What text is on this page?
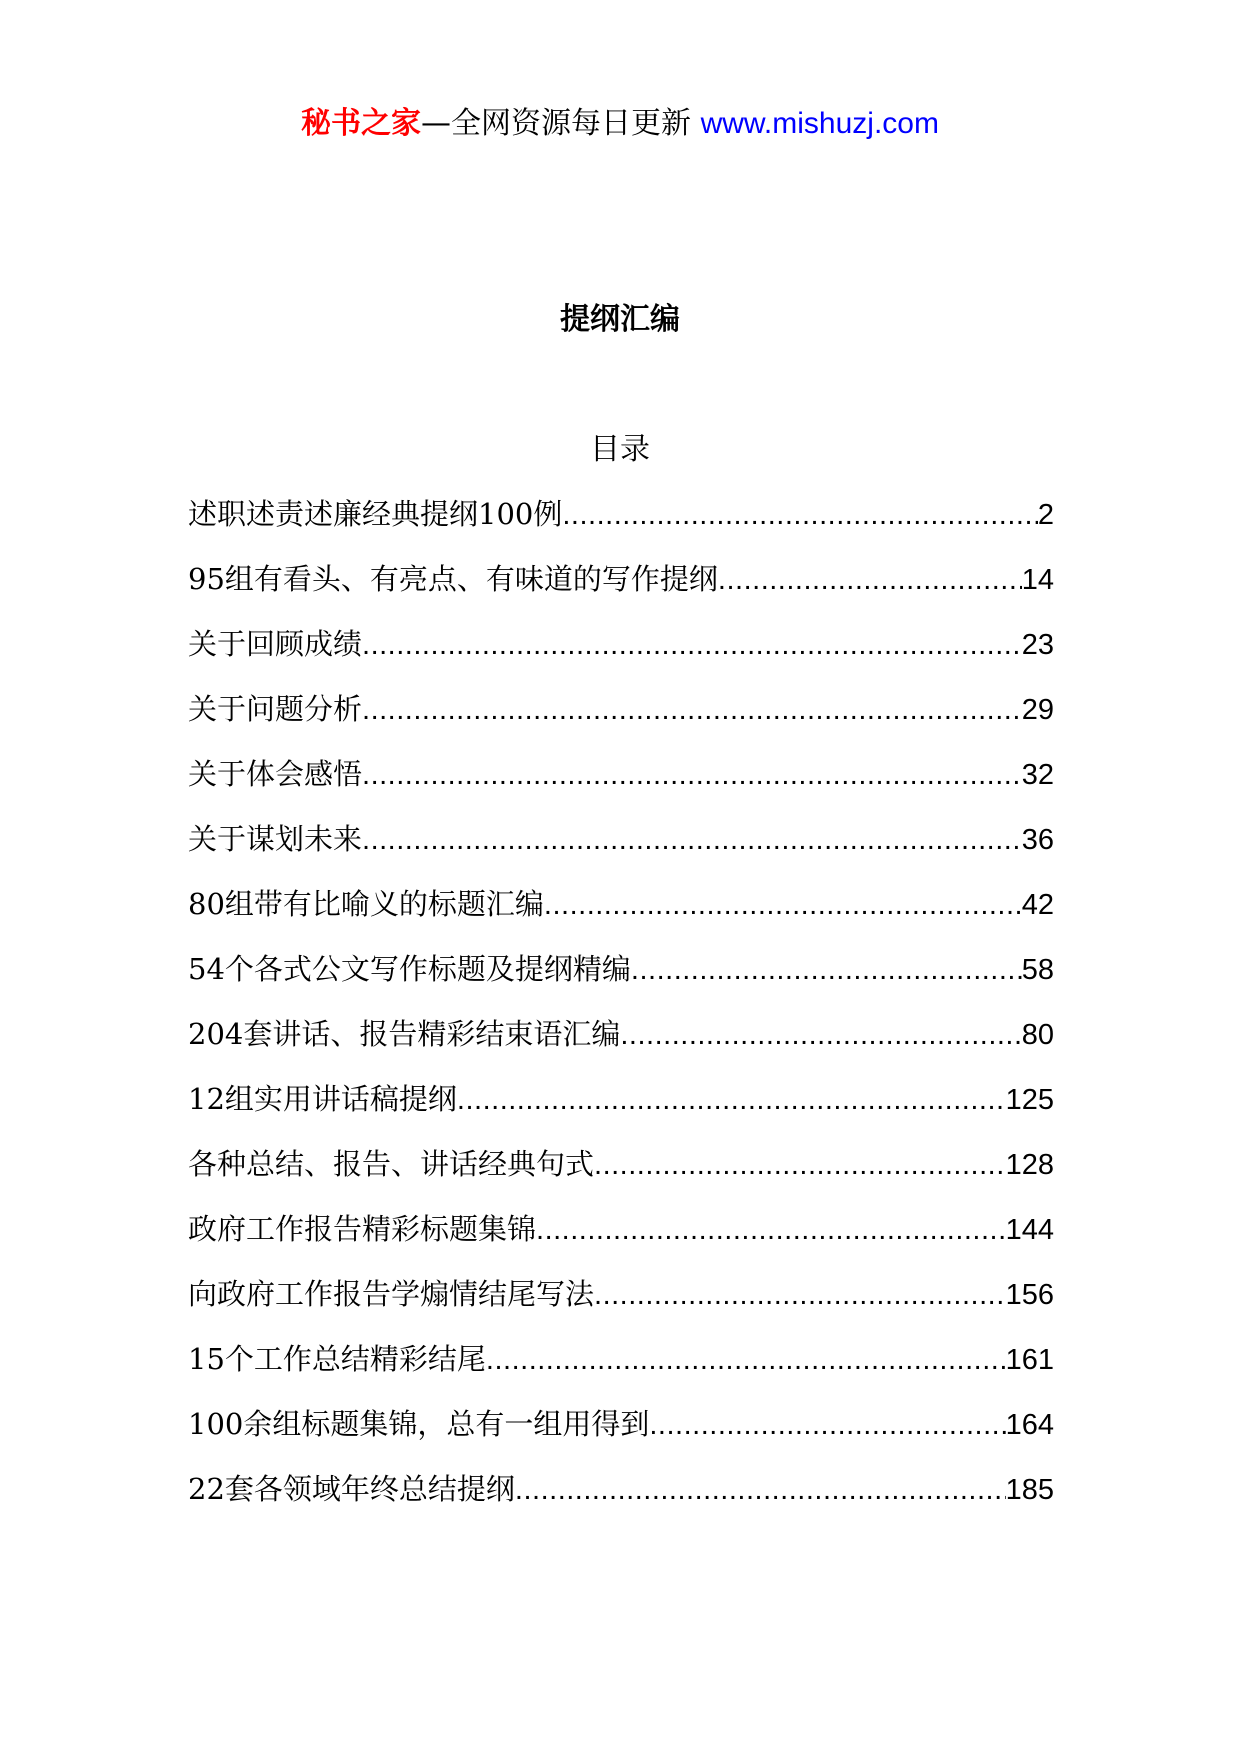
秘书之家—全网资源每日更新 www.mishuzj.com
提纲汇编
目录
述职述责述廉经典提纲100例 .....	2
95组有看头、有亮点、有味道的写作提纲 .....	14
关于回顾成绩 .....	23
关于问题分析 .....	29
关于体会感悟 .....	32
关于谋划未来 .....	36
80组带有比喻义的标题汇编 .....	42
54个各式公文写作标题及提纲精编 .....	58
204套讲话、报告精彩结束语汇编 .....	80
12组实用讲话稿提纲 .....	125
各种总结、报告、讲话经典句式 .....	128
政府工作报告精彩标题集锦 .....	144
向政府工作报告学煽情结尾写法 .....	156
15个工作总结精彩结尾 .....	161
100余组标题集锦，总有一组用得到 .....	164
22套各领域年终总结提纲 .....	185
